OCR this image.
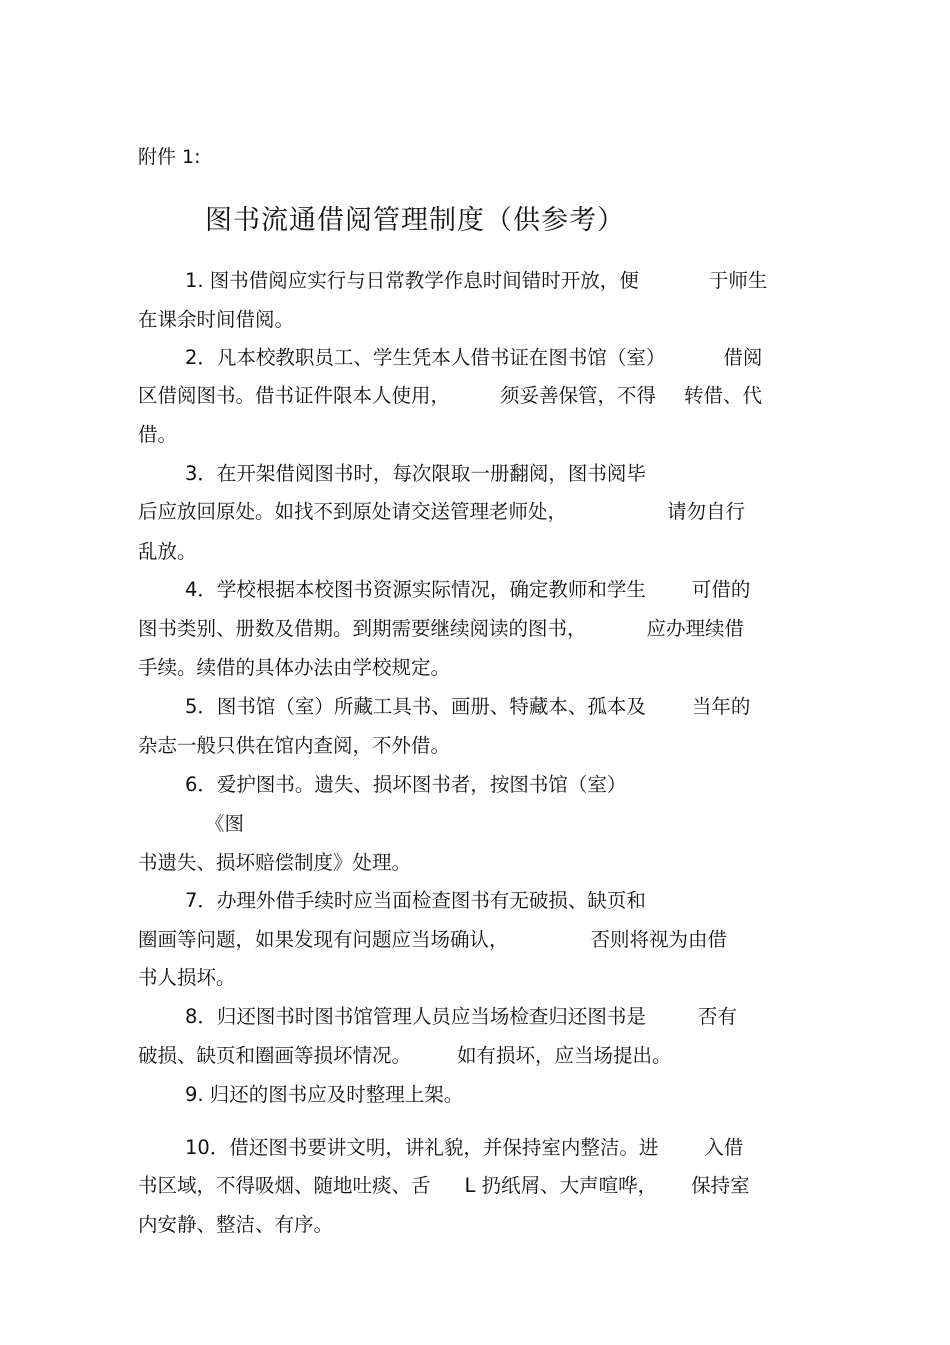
附件 1:
图书流通借阅管理制度（供参考）
1. 图书借阅应实行与日常教学作息时间错时开放，便	于师生
在课余时间借阅。
2．凡本校教职员工、学生凭本人借书证在图书馆（室）	借阅
区借阅图书。借书证件限本人使用，	须妥善保管，不得 转借、代
借。
3．在开架借阅图书时，每次限取一册翻阅，图书阅毕
后应放回原处。如找不到原处请交送管理老师处，	请勿自行
乱放。
4．学校根据本校图书资源实际情况，确定教师和学生 可借的
图书类别、册数及借期。到期需要继续阅读的图书，	应办理续借
手续。续借的具体办法由学校规定。
5．图书馆（室）所藏工具书、画册、特藏本、孤本及 当年的
杂志一般只供在馆内查阅，不外借。
6．爱护图书。遗失、损坏图书者，按图书馆（室）
《图
书遗失、损坏赔偿制度》处理。
7．办理外借手续时应当面检查图书有无破损、缺页和
圈画等问题，如果发现有问题应当场确认，	否则将视为由借
书人损坏。
8．归还图书时图书馆管理人员应当场检查归还图书是	否有
破损、缺页和圈画等损坏情况。 如有损坏，应当场提出。
9. 归还的图书应及时整理上架。
10．借还图书要讲文明，讲礼貌，并保持室内整洁。进 入借
书区域，不得吸烟、随地吐痰、舌 L 扔纸屑、大声喧哗， 保持室
内安静、整洁、有序。
